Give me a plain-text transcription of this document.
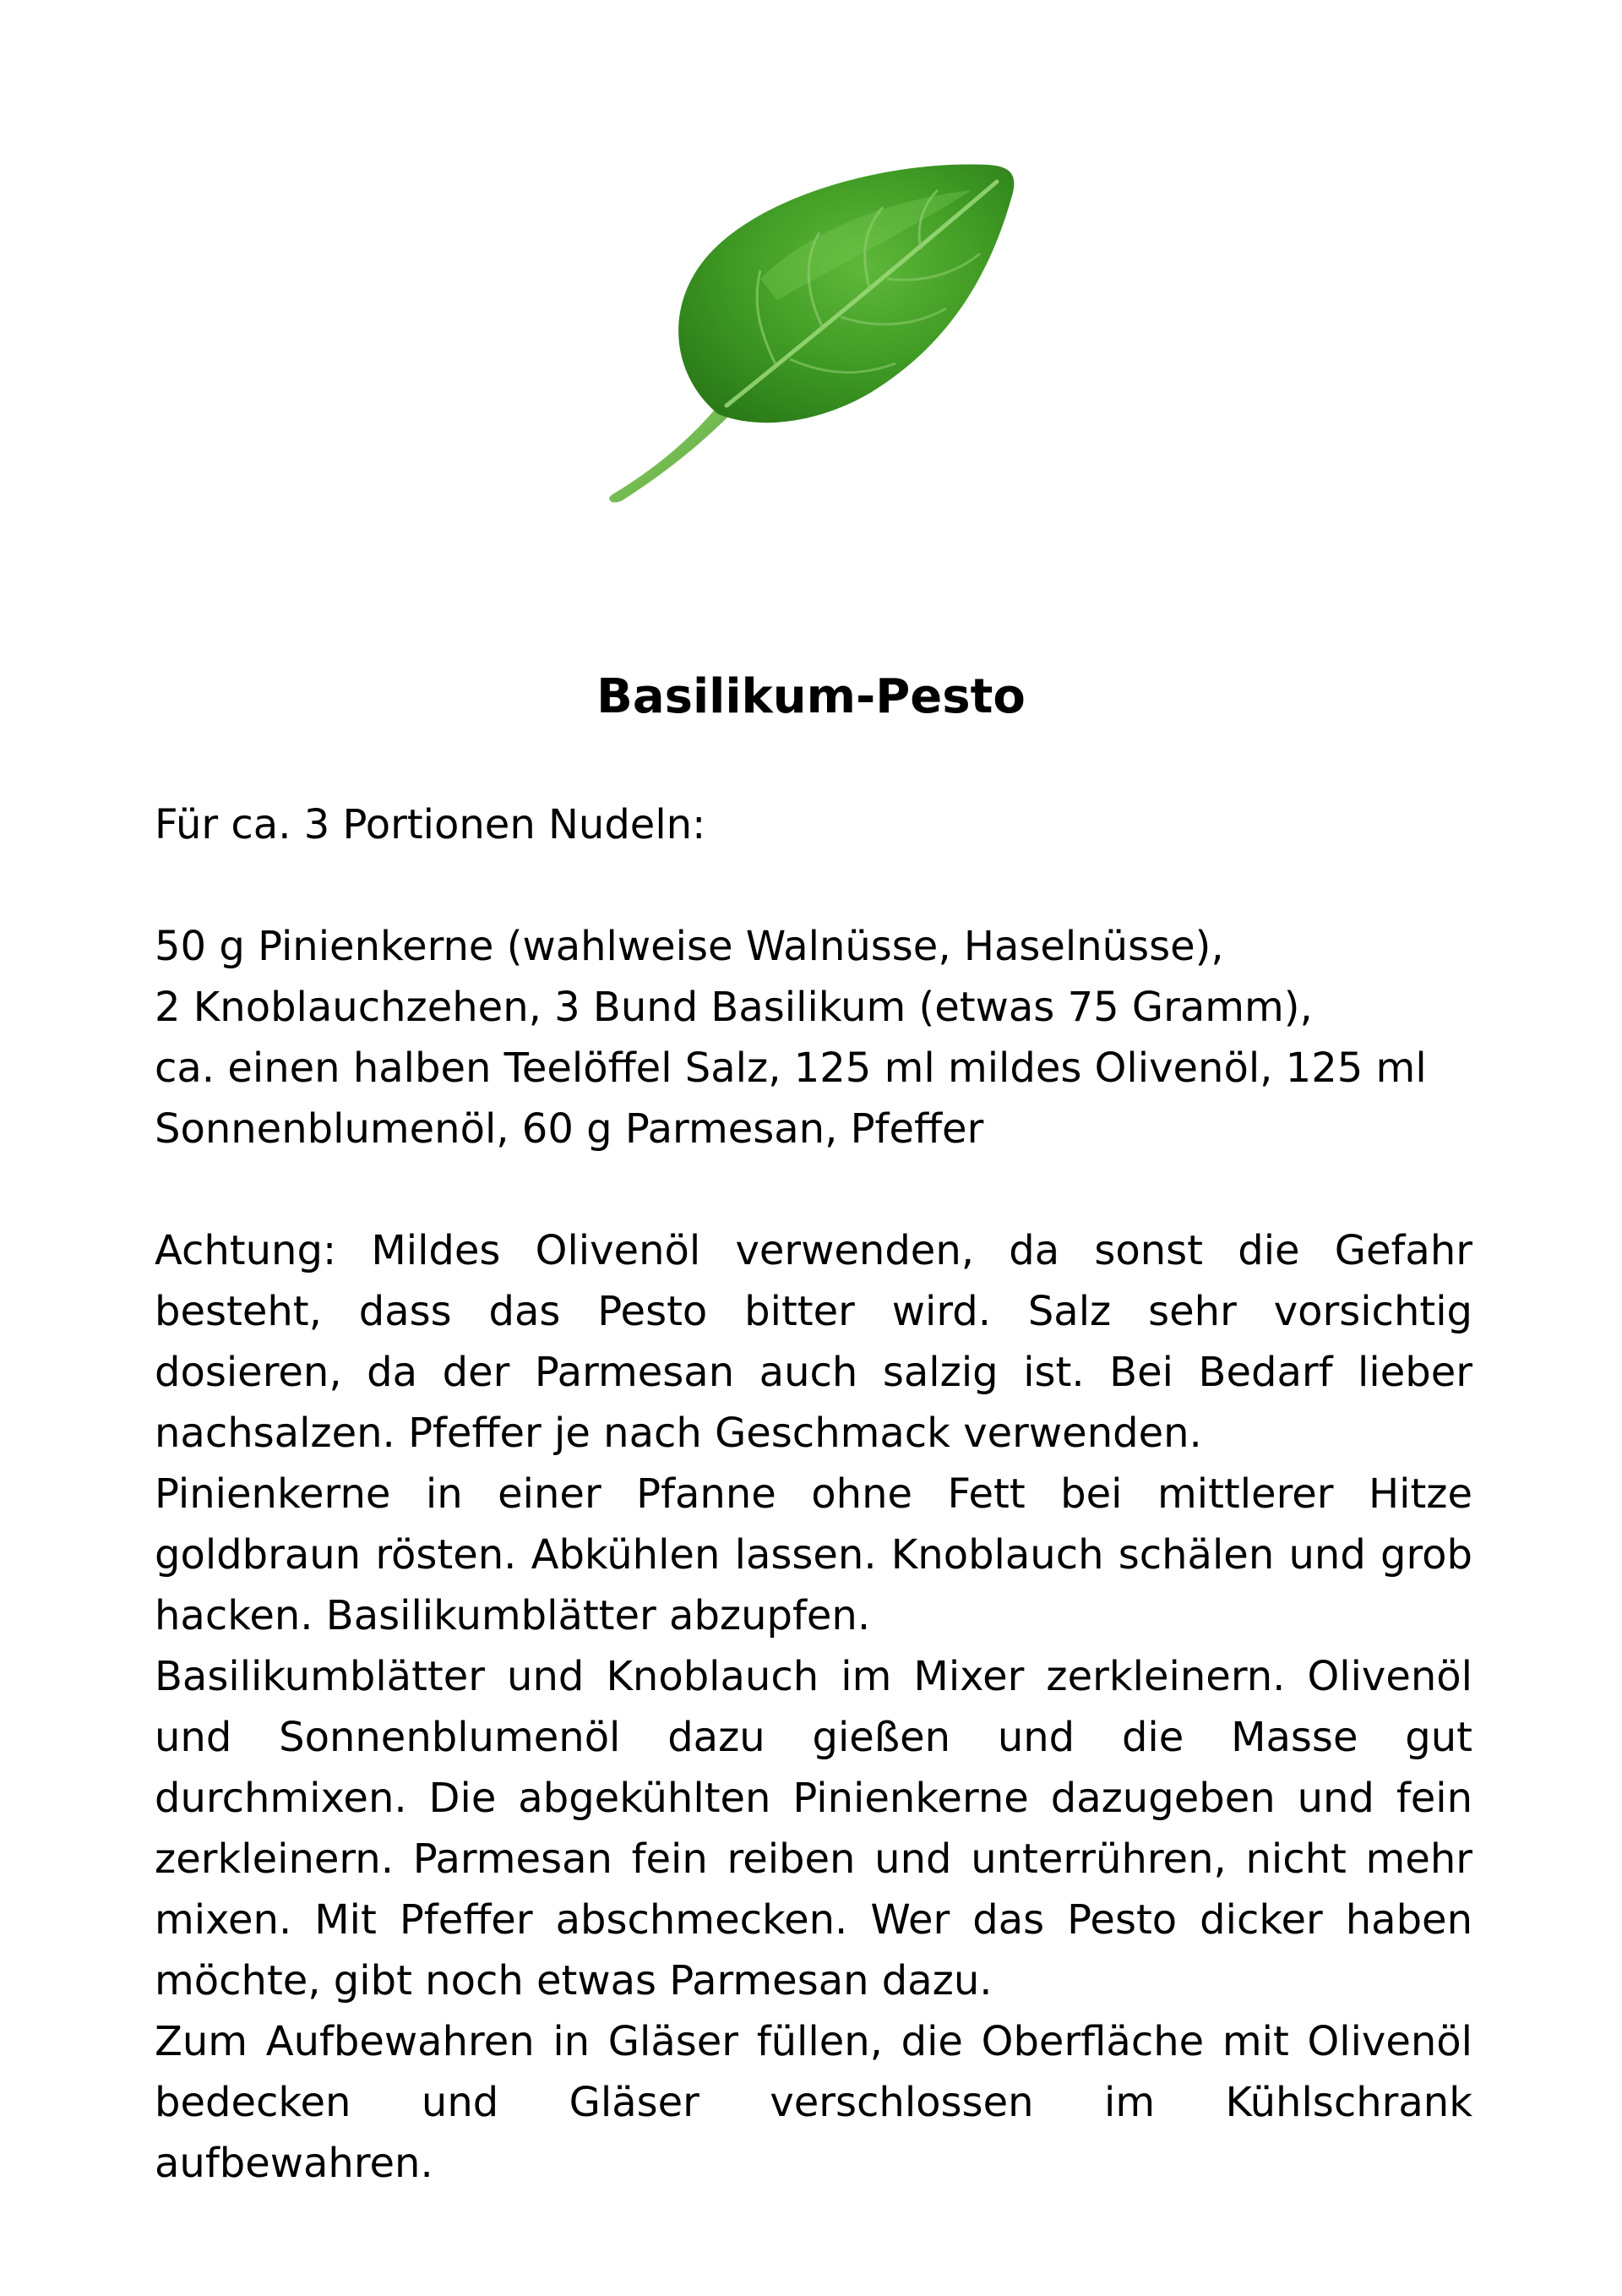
Basilikum-Pesto

Für ca. 3 Portionen Nudeln:

50 g Pinienkerne (wahlweise Walnüsse, Haselnüsse),
2 Knoblauchzehen, 3 Bund Basilikum (etwas 75 Gramm),
ca. einen halben Teelöffel Salz, 125 ml mildes Olivenöl, 125 ml
Sonnenblumenöl, 60 g Parmesan, Pfeffer

Achtung: Mildes Olivenöl verwenden, da sonst die Gefahr besteht, dass das Pesto bitter wird. Salz sehr vorsichtig dosieren, da der Parmesan auch salzig ist. Bei Bedarf lieber nachsalzen. Pfeffer je nach Geschmack verwenden.

Pinienkerne in einer Pfanne ohne Fett bei mittlerer Hitze goldbraun rösten. Abkühlen lassen. Knoblauch schälen und grob hacken. Basilikumblätter abzupfen.

Basilikumblätter und Knoblauch im Mixer zerkleinern. Olivenöl und Sonnenblumenöl dazu gießen und die Masse gut durchmixen. Die abgekühlten Pinienkerne dazugeben und fein zerkleinern. Parmesan fein reiben und unterrühren, nicht mehr mixen. Mit Pfeffer abschmecken. Wer das Pesto dicker haben möchte, gibt noch etwas Parmesan dazu.

Zum Aufbewahren in Gläser füllen, die Oberfläche mit Olivenöl bedecken und Gläser verschlossen im Kühlschrank aufbewahren.
